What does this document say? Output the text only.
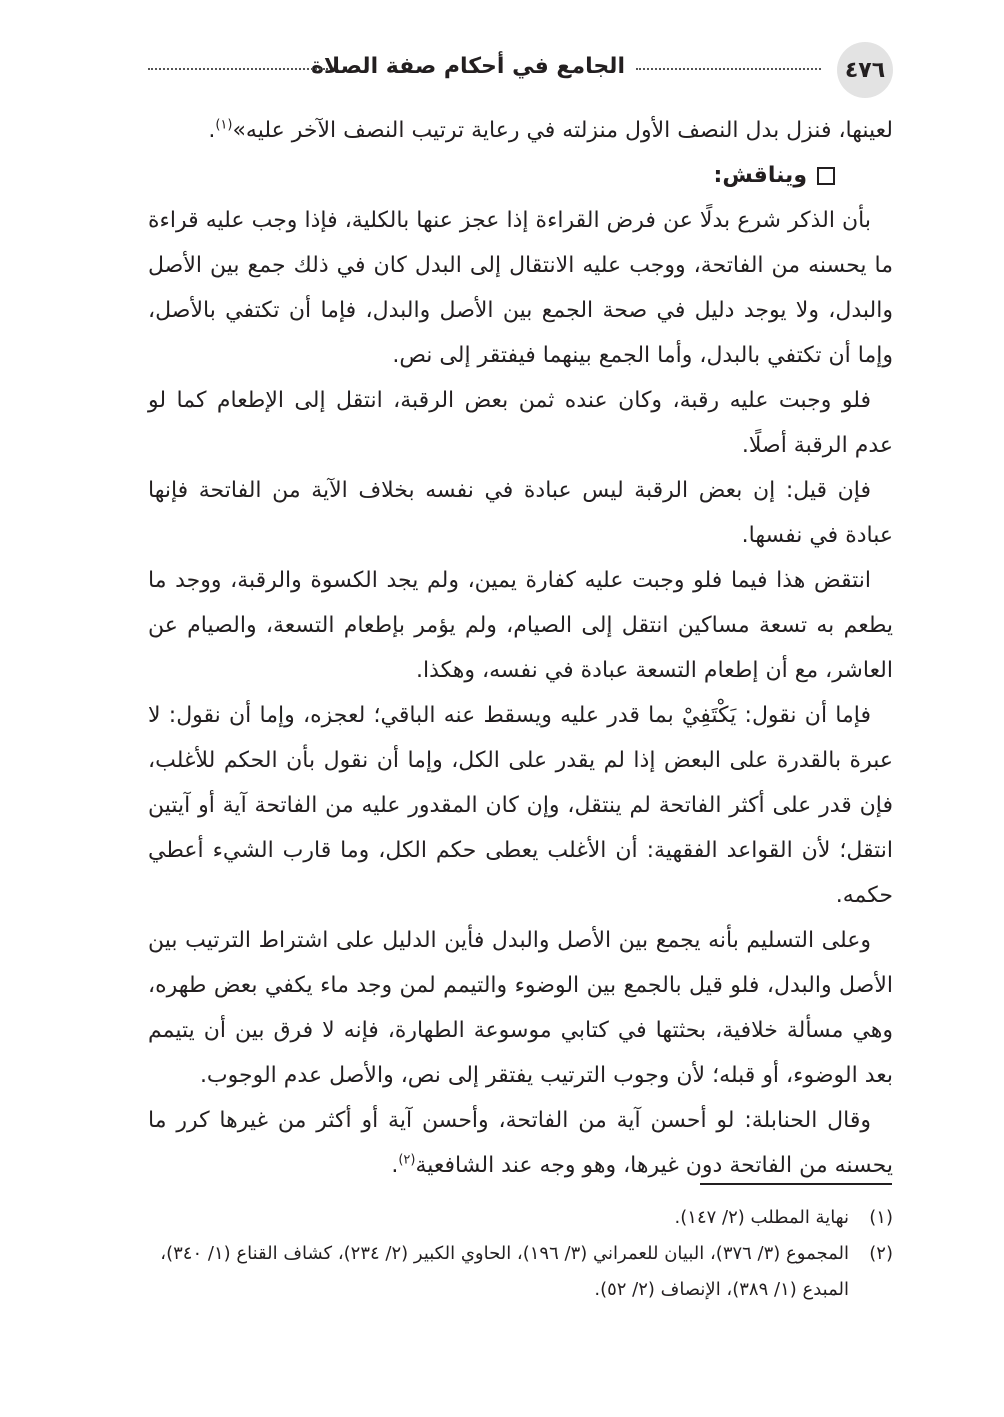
٤٧٦
الجامع في أحكام صفة الصلاة

لعينها، فنزل بدل النصف الأول منزلته في رعاية ترتيب النصف الآخر عليه»$^{(١)}$.

ويناقش:

بأن الذكر شرع بدلًا عن فرض القراءة إذا عجز عنها بالكلية، فإذا وجب عليه قراءة ما يحسنه من الفاتحة، ووجب عليه الانتقال إلى البدل كان في ذلك جمع بين الأصل والبدل، ولا يوجد دليل في صحة الجمع بين الأصل والبدل، فإما أن تكتفي بالأصل، وإما أن تكتفي بالبدل، وأما الجمع بينهما فيفتقر إلى نص.

فلو وجبت عليه رقبة، وكان عنده ثمن بعض الرقبة، انتقل إلى الإطعام كما لو عدم الرقبة أصلًا.

فإن قيل: إن بعض الرقبة ليس عبادة في نفسه بخلاف الآية من الفاتحة فإنها عبادة في نفسها.

انتقض هذا فيما فلو وجبت عليه كفارة يمين، ولم يجد الكسوة والرقبة، ووجد ما يطعم به تسعة مساكين انتقل إلى الصيام، ولم يؤمر بإطعام التسعة، والصيام عن العاشر، مع أن إطعام التسعة عبادة في نفسه، وهكذا.

فإما أن نقول: يَكْتَفِيْ بما قدر عليه ويسقط عنه الباقي؛ لعجزه، وإما أن نقول: لا عبرة بالقدرة على البعض إذا لم يقدر على الكل، وإما أن نقول بأن الحكم للأغلب، فإن قدر على أكثر الفاتحة لم ينتقل، وإن كان المقدور عليه من الفاتحة آية أو آيتين انتقل؛ لأن القواعد الفقهية: أن الأغلب يعطى حكم الكل، وما قارب الشيء أعطي حكمه.

وعلى التسليم بأنه يجمع بين الأصل والبدل فأين الدليل على اشتراط الترتيب بين الأصل والبدل، فلو قيل بالجمع بين الوضوء والتيمم لمن وجد ماء يكفي بعض طهره، وهي مسألة خلافية، بحثتها في كتابي موسوعة الطهارة، فإنه لا فرق بين أن يتيمم بعد الوضوء، أو قبله؛ لأن وجوب الترتيب يفتقر إلى نص، والأصل عدم الوجوب.

وقال الحنابلة: لو أحسن آية من الفاتحة، وأحسن آية أو أكثر من غيرها كرر ما يحسنه من الفاتحة دون غيرها، وهو وجه عند الشافعية$^{(٢)}$.

(١)
نهاية المطلب (٢/ ١٤٧).
(٢)
المجموع (٣/ ٣٧٦)، البيان للعمراني (٣/ ١٩٦)، الحاوي الكبير (٢/ ٢٣٤)، كشاف القناع (١/ ٣٤٠)، المبدع (١/ ٣٨٩)، الإنصاف (٢/ ٥٢).
